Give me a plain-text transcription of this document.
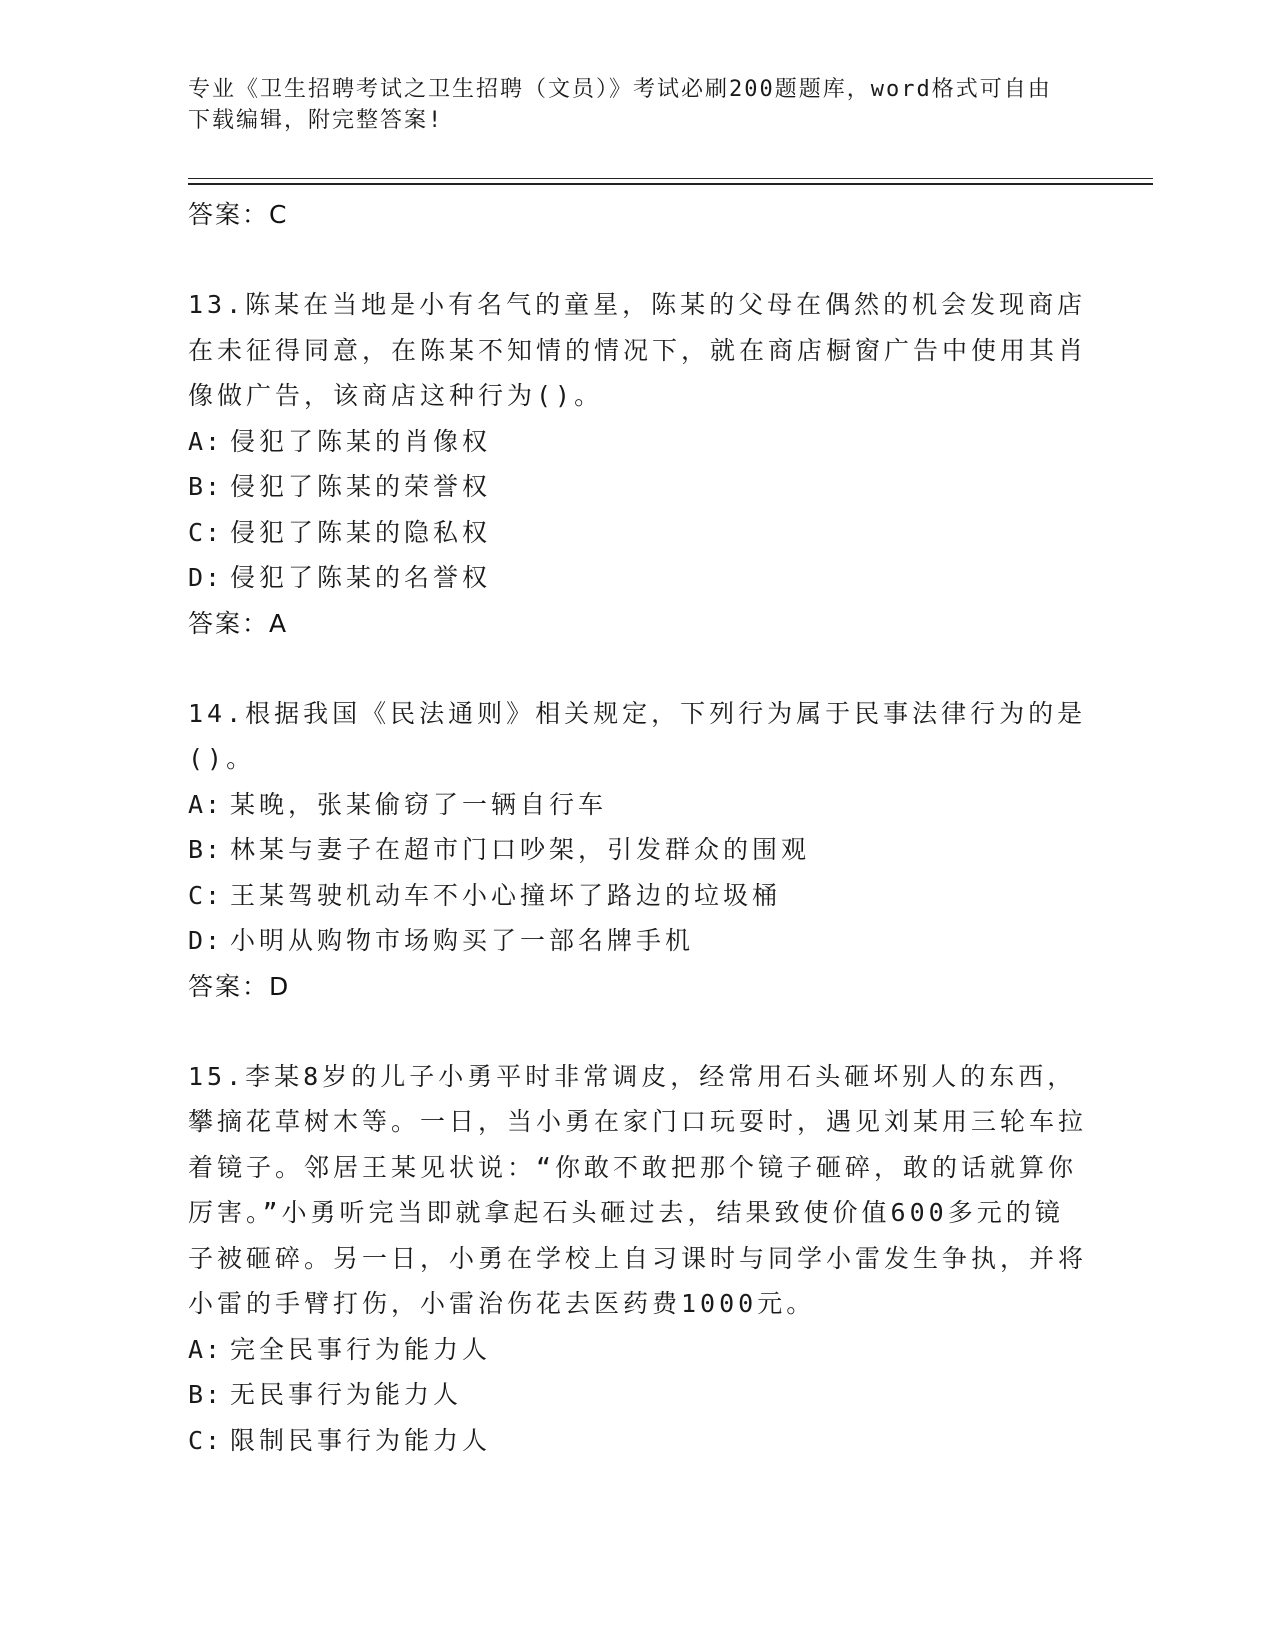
专业《卫生招聘考试之卫生招聘（文员）》考试必刷200题题库，word格式可自由下载编辑，附完整答案!
答案：C

13.陈某在当地是小有名气的童星，陈某的父母在偶然的机会发现商店在未征得同意，在陈某不知情的情况下，就在商店橱窗广告中使用其肖像做广告，该商店这种行为()。

A: 侵犯了陈某的肖像权
B: 侵犯了陈某的荣誉权
C: 侵犯了陈某的隐私权
D: 侵犯了陈某的名誉权
答案：A

14.根据我国《民法通则》相关规定，下列行为属于民事法律行为的是()。

A: 某晚，张某偷窃了一辆自行车
B: 林某与妻子在超市门口吵架，引发群众的围观
C: 王某驾驶机动车不小心撞坏了路边的垃圾桶
D: 小明从购物市场购买了一部名牌手机
答案：D

15.李某8岁的儿子小勇平时非常调皮，经常用石头砸坏别人的东西，攀摘花草树木等。一日，当小勇在家门口玩耍时，遇见刘某用三轮车拉着镜子。邻居王某见状说：“你敢不敢把那个镜子砸碎，敢的话就算你厉害。”小勇听完当即就拿起石头砸过去，结果致使价值600多元的镜子被砸碎。另一日，小勇在学校上自习课时与同学小雷发生争执，并将小雷的手臂打伤，小雷治伤花去医药费1000元。

A: 完全民事行为能力人
B: 无民事行为能力人
C: 限制民事行为能力人
